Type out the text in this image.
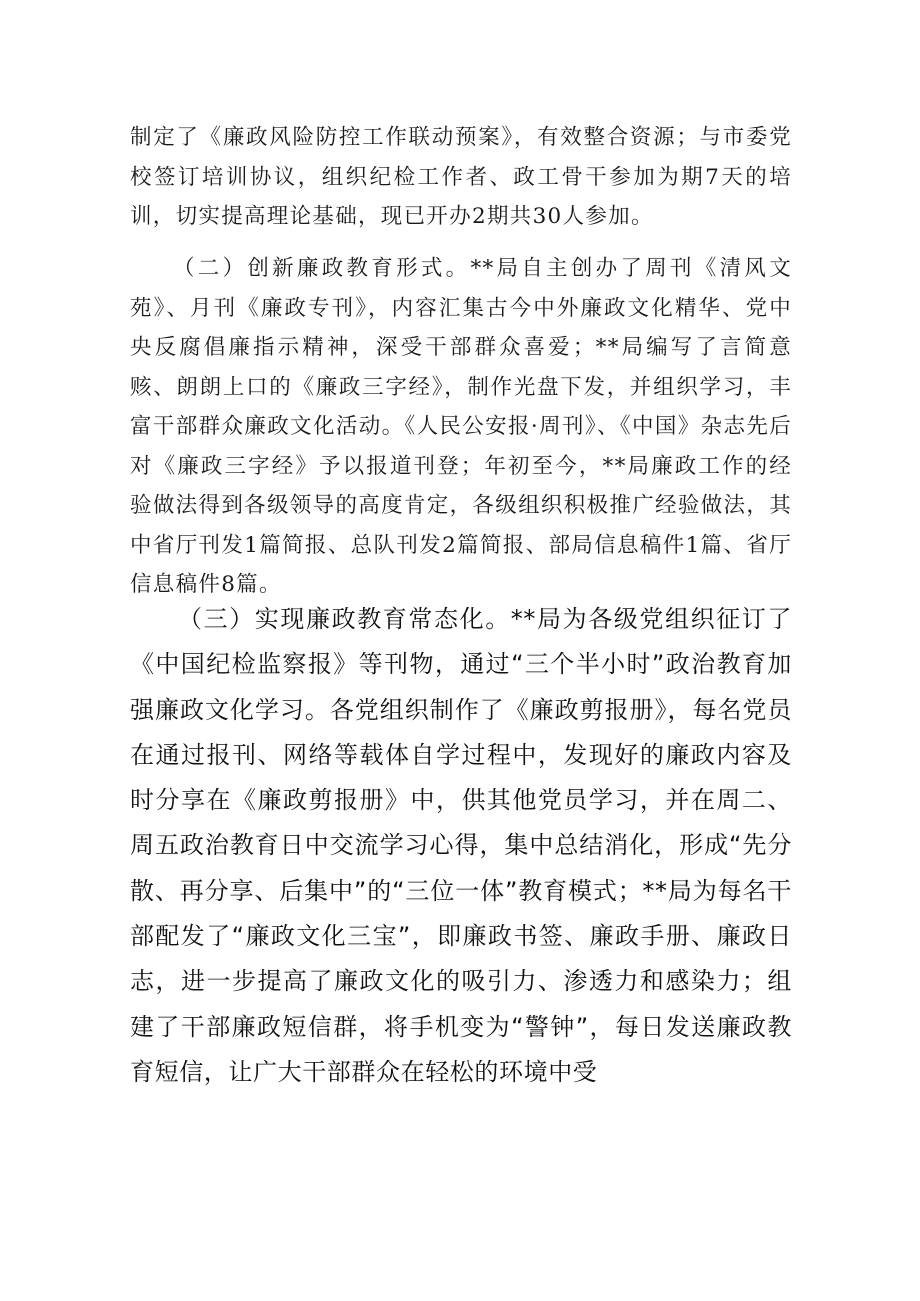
制定了《廉政风险防控工作联动预案》，有效整合资源；与市委党校签订培训协议，组织纪检工作者、政工骨干参加为期7天的培训，切实提高理论基础，现已开办2期共30人参加。

（二）创新廉政教育形式。**局自主创办了周刊《清风文苑》、月刊《廉政专刊》，内容汇集古今中外廉政文化精华、党中央反腐倡廉指示精神，深受干部群众喜爱；**局编写了言简意赅、朗朗上口的《廉政三字经》，制作光盘下发，并组织学习，丰富干部群众廉政文化活动。《人民公安报·周刊》、《中国》杂志先后对《廉政三字经》予以报道刊登；年初至今，**局廉政工作的经验做法得到各级领导的高度肯定，各级组织积极推广经验做法，其中省厅刊发1篇简报、总队刊发2篇简报、部局信息稿件1篇、省厅信息稿件8篇。

（三）实现廉政教育常态化。**局为各级党组织征订了《中国纪检监察报》等刊物，通过“三个半小时”政治教育加强廉政文化学习。各党组织制作了《廉政剪报册》，每名党员在通过报刊、网络等载体自学过程中，发现好的廉政内容及时分享在《廉政剪报册》中，供其他党员学习，并在周二、周五政治教育日中交流学习心得，集中总结消化，形成“先分散、再分享、后集中”的“三位一体”教育模式；**局为每名干部配发了“廉政文化三宝”，即廉政书签、廉政手册、廉政日志，进一步提高了廉政文化的吸引力、渗透力和感染力；组建了干部廉政短信群，将手机变为“警钟”，每日发送廉政教育短信，让广大干部群众在轻松的环境中受
